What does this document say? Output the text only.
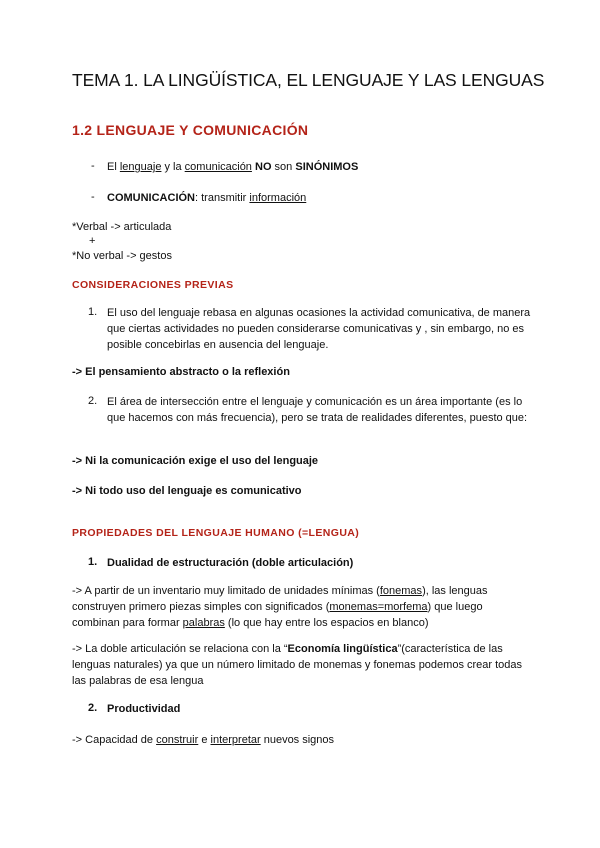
TEMA 1. LA LINGÜÍSTICA, EL LENGUAJE Y LAS LENGUAS
1.2 LENGUAJE Y COMUNICACIÓN
- El lenguaje y la comunicación NO son SINÓNIMOS
- COMUNICACIÓN: transmitir información
*Verbal -> articulada
+
*No verbal -> gestos
CONSIDERACIONES PREVIAS
1. El uso del lenguaje rebasa en algunas ocasiones la actividad comunicativa, de manera que ciertas actividades no pueden considerarse comunicativas y , sin embargo, no es posible concebirlas en ausencia del lenguaje.
-> El pensamiento abstracto o la reflexión
2. El área de intersección entre el lenguaje y comunicación es un área importante (es lo que hacemos con más frecuencia), pero se trata de realidades diferentes, puesto que:
-> Ni la comunicación exige el uso del lenguaje
-> Ni todo uso del lenguaje es comunicativo
PROPIEDADES DEL LENGUAJE HUMANO (=LENGUA)
1. Dualidad de estructuración (doble articulación)
-> A partir de un inventario muy limitado de unidades mínimas (fonemas), las lenguas construyen primero piezas simples con significados (monemas=morfema) que luego combinan para formar palabras (lo que hay entre los espacios en blanco)
-> La doble articulación se relaciona con la “Economía lingüística”(característica de las lenguas naturales) ya que un número limitado de monemas y fonemas podemos crear todas las palabras de esa lengua
2. Productividad
-> Capacidad de construir e interpretar nuevos signos
